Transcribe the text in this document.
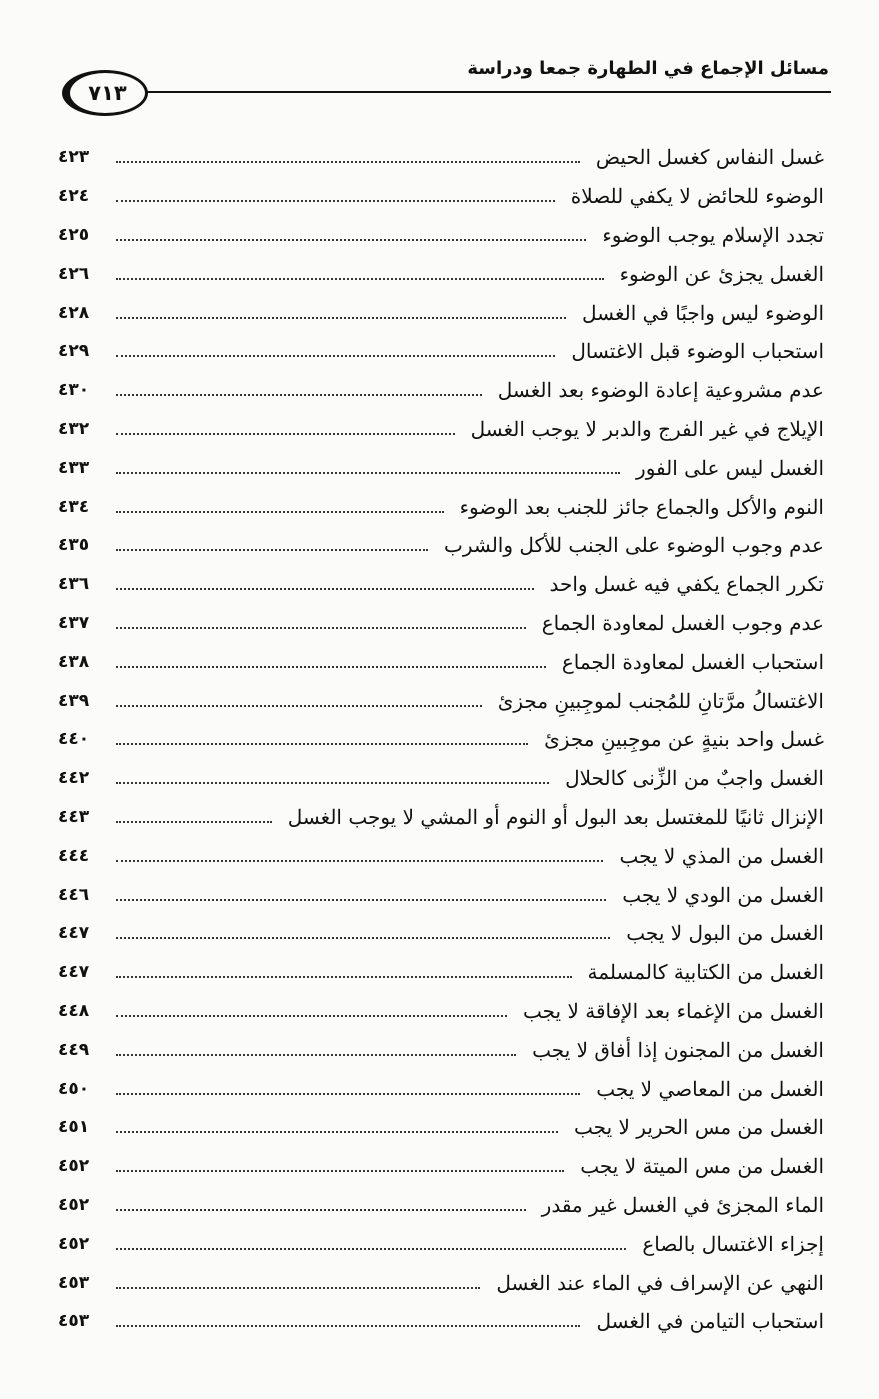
مسائل الإجماع في الطهارة جمعا ودراسة
٧١٣
غسل النفاس كغسل الحيض
٤٢٣
الوضوء للحائض لا يكفي للصلاة
٤٢٤
تجدد الإسلام يوجب الوضوء
٤٢٥
الغسل يجزئ عن الوضوء
٤٢٦
الوضوء ليس واجبًا في الغسل
٤٢٨
استحباب الوضوء قبل الاغتسال
٤٢٩
عدم مشروعية إعادة الوضوء بعد الغسل
٤٣٠
الإيلاج في غير الفرج والدبر لا يوجب الغسل
٤٣٢
الغسل ليس على الفور
٤٣٣
النوم والأكل والجماع جائز للجنب بعد الوضوء
٤٣٤
عدم وجوب الوضوء على الجنب للأكل والشرب
٤٣٥
تكرر الجماع يكفي فيه غسل واحد
٤٣٦
عدم وجوب الغسل لمعاودة الجماع
٤٣٧
استحباب الغسل لمعاودة الجماع
٤٣٨
الاغتسالُ مرَّتانِ للمُجنب لموجِبينِ مجزئ
٤٣٩
غسل واحد بنيةٍ عن موجِبينِ مجزئ
٤٤٠
الغسل واجبٌ من الزِّنى كالحلال
٤٤٢
الإنزال ثانيًا للمغتسل بعد البول أو النوم أو المشي لا يوجب الغسل
٤٤٣
الغسل من المذي لا يجب
٤٤٤
الغسل من الودي لا يجب
٤٤٦
الغسل من البول لا يجب
٤٤٧
الغسل من الكتابية كالمسلمة
٤٤٧
الغسل من الإغماء بعد الإفاقة لا يجب
٤٤٨
الغسل من المجنون إذا أفاق لا يجب
٤٤٩
الغسل من المعاصي لا يجب
٤٥٠
الغسل من مس الحرير لا يجب
٤٥١
الغسل من مس الميتة لا يجب
٤٥٢
الماء المجزئ في الغسل غير مقدر
٤٥٢
إجزاء الاغتسال بالصاع
٤٥٢
النهي عن الإسراف في الماء عند الغسل
٤٥٣
استحباب التيامن في الغسل
٤٥٣
